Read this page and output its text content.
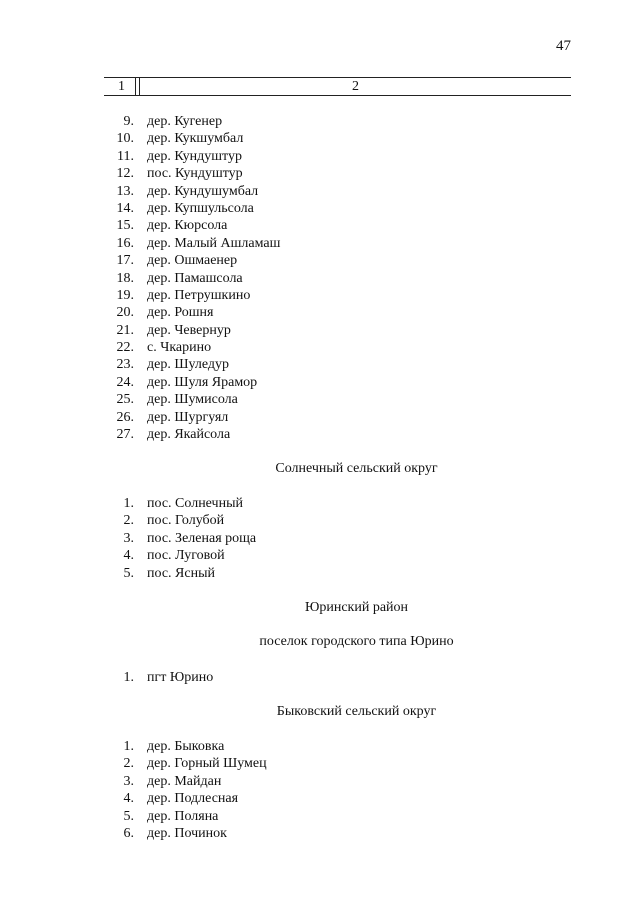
47
1	2
9. дер. Кугенер
10. дер. Кукшумбал
11. дер. Кундуштур
12. пос. Кундуштур
13. дер. Кундушумбал
14. дер. Купшульсола
15. дер. Кюрсола
16. дер. Малый Ашламаш
17. дер. Ошмаенер
18. дер. Памашсола
19. дер. Петрушкино
20. дер. Рошня
21. дер. Чевернур
22. с. Чкарино
23. дер. Шуледур
24. дер. Шуля Ярамор
25. дер. Шумисола
26. дер. Шургуял
27. дер. Якайсола
Солнечный сельский округ
1. пос. Солнечный
2. пос. Голубой
3. пос. Зеленая роща
4. пос. Луговой
5. пос. Ясный
Юринский район
поселок городского типа Юрино
1. пгт Юрино
Быковский сельский округ
1. дер. Быковка
2. дер. Горный Шумец
3. дер. Майдан
4. дер. Подлесная
5. дер. Поляна
6. дер. Починок
